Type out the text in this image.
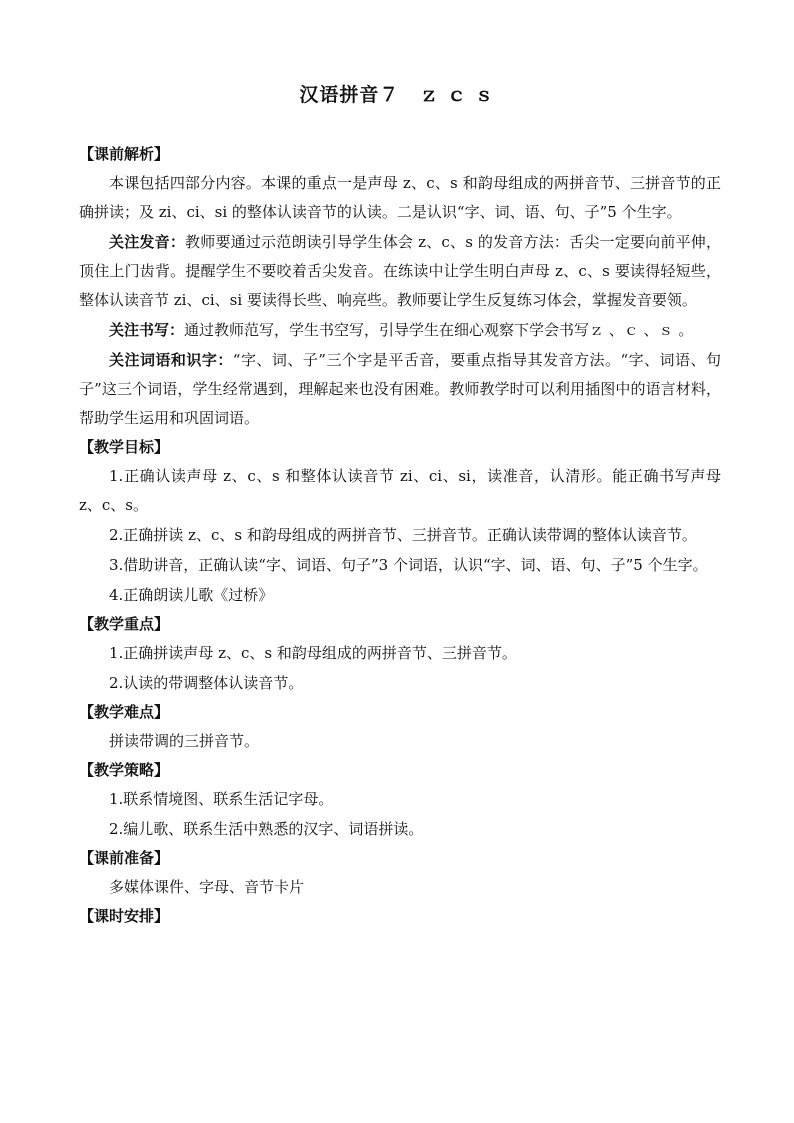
汉语拼音７　ｚ ｃ ｓ
【课前解析】

本课包括四部分内容。本课的重点一是声母 z、c、s 和韵母组成的两拼音节、三拼音节的正确拼读；及 zi、ci、si 的整体认读音节的认读。二是认识“字、词、语、句、子”5 个生字。

关注发音：教师要通过示范朗读引导学生体会 z、c、s 的发音方法：舌尖一定要向前平伸，顶住上门齿背。提醒学生不要咬着舌尖发音。在练读中让学生明白声母 z、c、s 要读得轻短些，整体认读音节 zi、ci、si 要读得长些、响亮些。教师要让学生反复练习体会，掌握发音要领。

关注书写：通过教师范写，学生书空写，引导学生在细心观察下学会书写ｚ 、ｃ 、ｓ 。

关注词语和识字：“字、词、子”三个字是平舌音，要重点指导其发音方法。“字、词语、句子”这三个词语，学生经常遇到，理解起来也没有困难。教师教学时可以利用插图中的语言材料，帮助学生运用和巩固词语。

【教学目标】

1.正确认读声母 z、c、s 和整体认读音节 zi、ci、si，读准音，认清形。能正确书写声母 z、c、s。

2.正确拼读 z、c、s 和韵母组成的两拼音节、三拼音节。正确认读带调的整体认读音节。

3.借助讲音，正确认读“字、词语、句子”3 个词语，认识“字、词、语、句、子”5 个生字。

4.正确朗读儿歌《过桥》

【教学重点】

1.正确拼读声母 z、c、s 和韵母组成的两拼音节、三拼音节。

2.认读的带调整体认读音节。

【教学难点】

拼读带调的三拼音节。

【教学策略】

1.联系情境图、联系生活记字母。

2.编儿歌、联系生活中熟悉的汉字、词语拼读。

【课前准备】

多媒体课件、字母、音节卡片

【课时安排】
